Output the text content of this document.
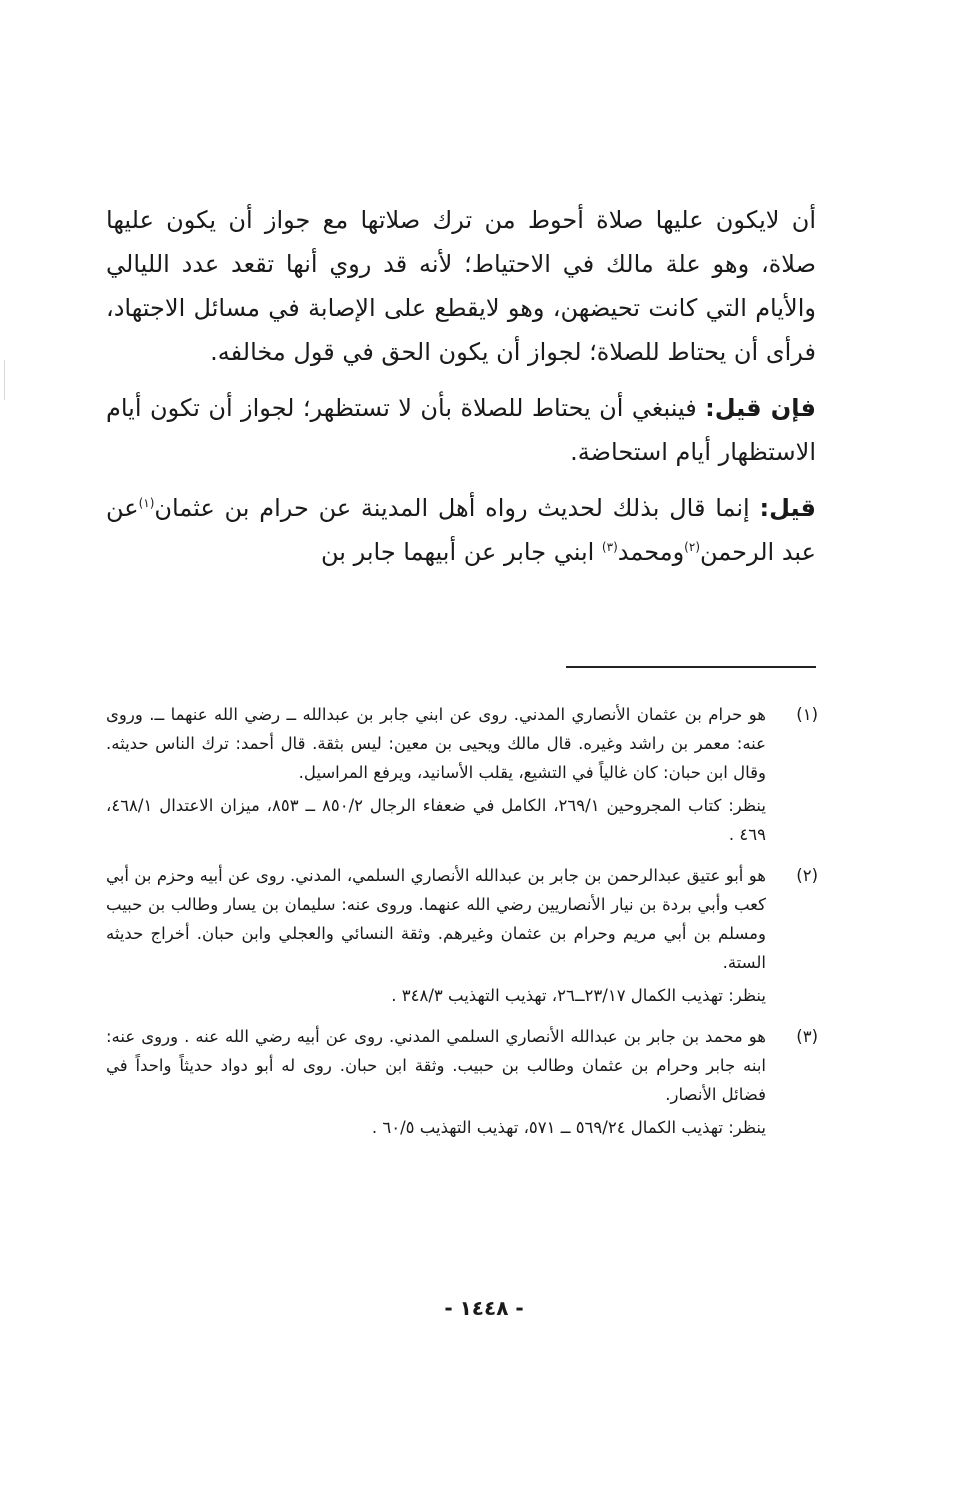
أن لايكون عليها صلاة أحوط من ترك صلاتها مع جواز أن يكون عليها صلاة، وهو علة مالك في الاحتياط؛ لأنه قد روي أنها تقعد عدد الليالي والأيام التي كانت تحيضهن، وهو لايقطع على الإصابة في مسائل الاجتهاد، فرأى أن يحتاط للصلاة؛ لجواز أن يكون الحق في قول مخالفه.

فإن قيل: فينبغي أن يحتاط للصلاة بأن لا تستظهر؛ لجواز أن تكون أيام الاستظهار أيام استحاضة.

قيل: إنما قال بذلك لحديث رواه أهل المدينة عن حرام بن عثمان$^{(١)}$عن عبد الرحمن$^{(٢)}$ومحمد$^{(٣)}$ ابني جابر عن أبيهما جابر بن

(١)
هو حرام بن عثمان الأنصاري المدني. روى عن ابني جابر بن عبدالله ــ رضي الله عنهما ــ. وروى عنه: معمر بن راشد وغيره. قال مالك ويحيى بن معين: ليس بثقة. قال أحمد: ترك الناس حديثه. وقال ابن حبان: كان غالياً في التشيع، يقلب الأسانيد، ويرفع المراسيل.
ينظر: كتاب المجروحين ٢٦٩/١، الكامل في ضعفاء الرجال ٨٥٠/٢ ــ ٨٥٣، ميزان الاعتدال ٤٦٨/١، ٤٦٩ .
(٢)
هو أبو عتيق عبدالرحمن بن جابر بن عبدالله الأنصاري السلمي، المدني. روى عن أبيه وحزم بن أبي كعب وأبي بردة بن نيار الأنصاريين رضي الله عنهما. وروى عنه: سليمان بن يسار وطالب بن حبيب ومسلم بن أبي مريم وحرام بن عثمان وغيرهم. وثقة النسائي والعجلي وابن حبان. أخراج حديثه الستة.
ينظر: تهذيب الكمال ٢٣/١٧ــ٢٦، تهذيب التهذيب ٣٤٨/٣ .
(٣)
هو محمد بن جابر بن عبدالله الأنصاري السلمي المدني. روى عن أبيه رضي الله عنه . وروى عنه: ابنه جابر وحرام بن عثمان وطالب بن حبيب. وثقة ابن حبان. روى له أبو دواد حديثاً واحداً في فضائل الأنصار.
ينظر: تهذيب الكمال ٥٦٩/٢٤ ــ ٥٧١، تهذيب التهذيب ٦٠/٥ .
- ١٤٤٨ -
